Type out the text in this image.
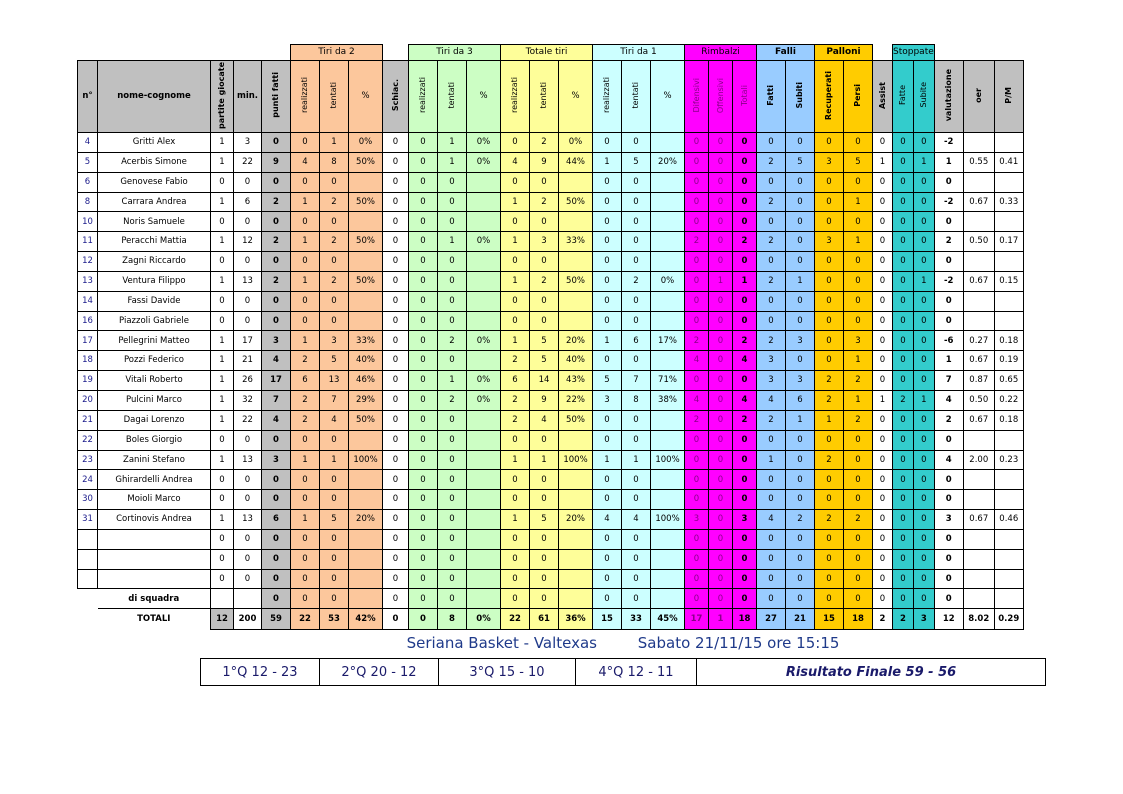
					Tiri da 2				Tiri da 3			Totale tiri			Tiri da 1			Rimbalzi			Falli		Palloni			Stoppate				
n°	nome-cognome	partite giocate	min.	punti fatti	realizzati	tentati	%	Schiac.	realizzati	tentati	%	realizzati	tentati	%	realizzati	tentati	%	Difensivi	Offensivi	Totali	Fatti	Subiti	Recuperati	Persi	Assist	Fatte	Subite	valutazione	oer	P/M
4	Gritti Alex	1	3	0	0	1	0%	0	0	1	0%	0	2	0%	0	0		0	0	0	0	0	0	0	0	0	0	-2		
5	Acerbis Simone	1	22	9	4	8	50%	0	0	1	0%	4	9	44%	1	5	20%	0	0	0	2	5	3	5	1	0	1	1	0.55	0.41
6	Genovese Fabio	0	0	0	0	0		0	0	0		0	0		0	0		0	0	0	0	0	0	0	0	0	0	0		
8	Carrara Andrea	1	6	2	1	2	50%	0	0	0		1	2	50%	0	0		0	0	0	2	0	0	1	0	0	0	-2	0.67	0.33
10	Noris Samuele	0	0	0	0	0		0	0	0		0	0		0	0		0	0	0	0	0	0	0	0	0	0	0		
11	Peracchi Mattia	1	12	2	1	2	50%	0	0	1	0%	1	3	33%	0	0		2	0	2	2	0	3	1	0	0	0	2	0.50	0.17
12	Zagni Riccardo	0	0	0	0	0		0	0	0		0	0		0	0		0	0	0	0	0	0	0	0	0	0	0		
13	Ventura Filippo	1	13	2	1	2	50%	0	0	0		1	2	50%	0	2	0%	0	1	1	2	1	0	0	0	0	1	-2	0.67	0.15
14	Fassi Davide	0	0	0	0	0		0	0	0		0	0		0	0		0	0	0	0	0	0	0	0	0	0	0		
16	Piazzoli Gabriele	0	0	0	0	0		0	0	0		0	0		0	0		0	0	0	0	0	0	0	0	0	0	0		
17	Pellegrini Matteo	1	17	3	1	3	33%	0	0	2	0%	1	5	20%	1	6	17%	2	0	2	2	3	0	3	0	0	0	-6	0.27	0.18
18	Pozzi Federico	1	21	4	2	5	40%	0	0	0		2	5	40%	0	0		4	0	4	3	0	0	1	0	0	0	1	0.67	0.19
19	Vitali Roberto	1	26	17	6	13	46%	0	0	1	0%	6	14	43%	5	7	71%	0	0	0	3	3	2	2	0	0	0	7	0.87	0.65
20	Pulcini Marco	1	32	7	2	7	29%	0	0	2	0%	2	9	22%	3	8	38%	4	0	4	4	6	2	1	1	2	1	4	0.50	0.22
21	Dagai Lorenzo	1	22	4	2	4	50%	0	0	0		2	4	50%	0	0		2	0	2	2	1	1	2	0	0	0	2	0.67	0.18
22	Boles Giorgio	0	0	0	0	0		0	0	0		0	0		0	0		0	0	0	0	0	0	0	0	0	0	0		
23	Zanini Stefano	1	13	3	1	1	100%	0	0	0		1	1	100%	1	1	100%	0	0	0	1	0	2	0	0	0	0	4	2.00	0.23
24	Ghirardelli Andrea	0	0	0	0	0		0	0	0		0	0		0	0		0	0	0	0	0	0	0	0	0	0	0		
30	Moioli Marco	0	0	0	0	0		0	0	0		0	0		0	0		0	0	0	0	0	0	0	0	0	0	0		
31	Cortinovis Andrea	1	13	6	1	5	20%	0	0	0		1	5	20%	4	4	100%	3	0	3	4	2	2	2	0	0	0	3	0.67	0.46
		0	0	0	0	0		0	0	0		0	0		0	0		0	0	0	0	0	0	0	0	0	0	0		
		0	0	0	0	0		0	0	0		0	0		0	0		0	0	0	0	0	0	0	0	0	0	0		
		0	0	0	0	0		0	0	0		0	0		0	0		0	0	0	0	0	0	0	0	0	0	0		
	di squadra			0	0	0		0	0	0		0	0		0	0		0	0	0	0	0	0	0	0	0	0	0		
	TOTALI	12	200	59	22	53	42%	0	0	8	0%	22	61	36%	15	33	45%	17	1	18	27	21	15	18	2	2	3	12	8.02	0.29
Seriana Basket - Valtexas	Sabato 21/11/15 ore 15:15
1°Q 12 - 23	2°Q 20 - 12	3°Q 15 - 10	4°Q 12 - 11	Risultato Finale 59 - 56
